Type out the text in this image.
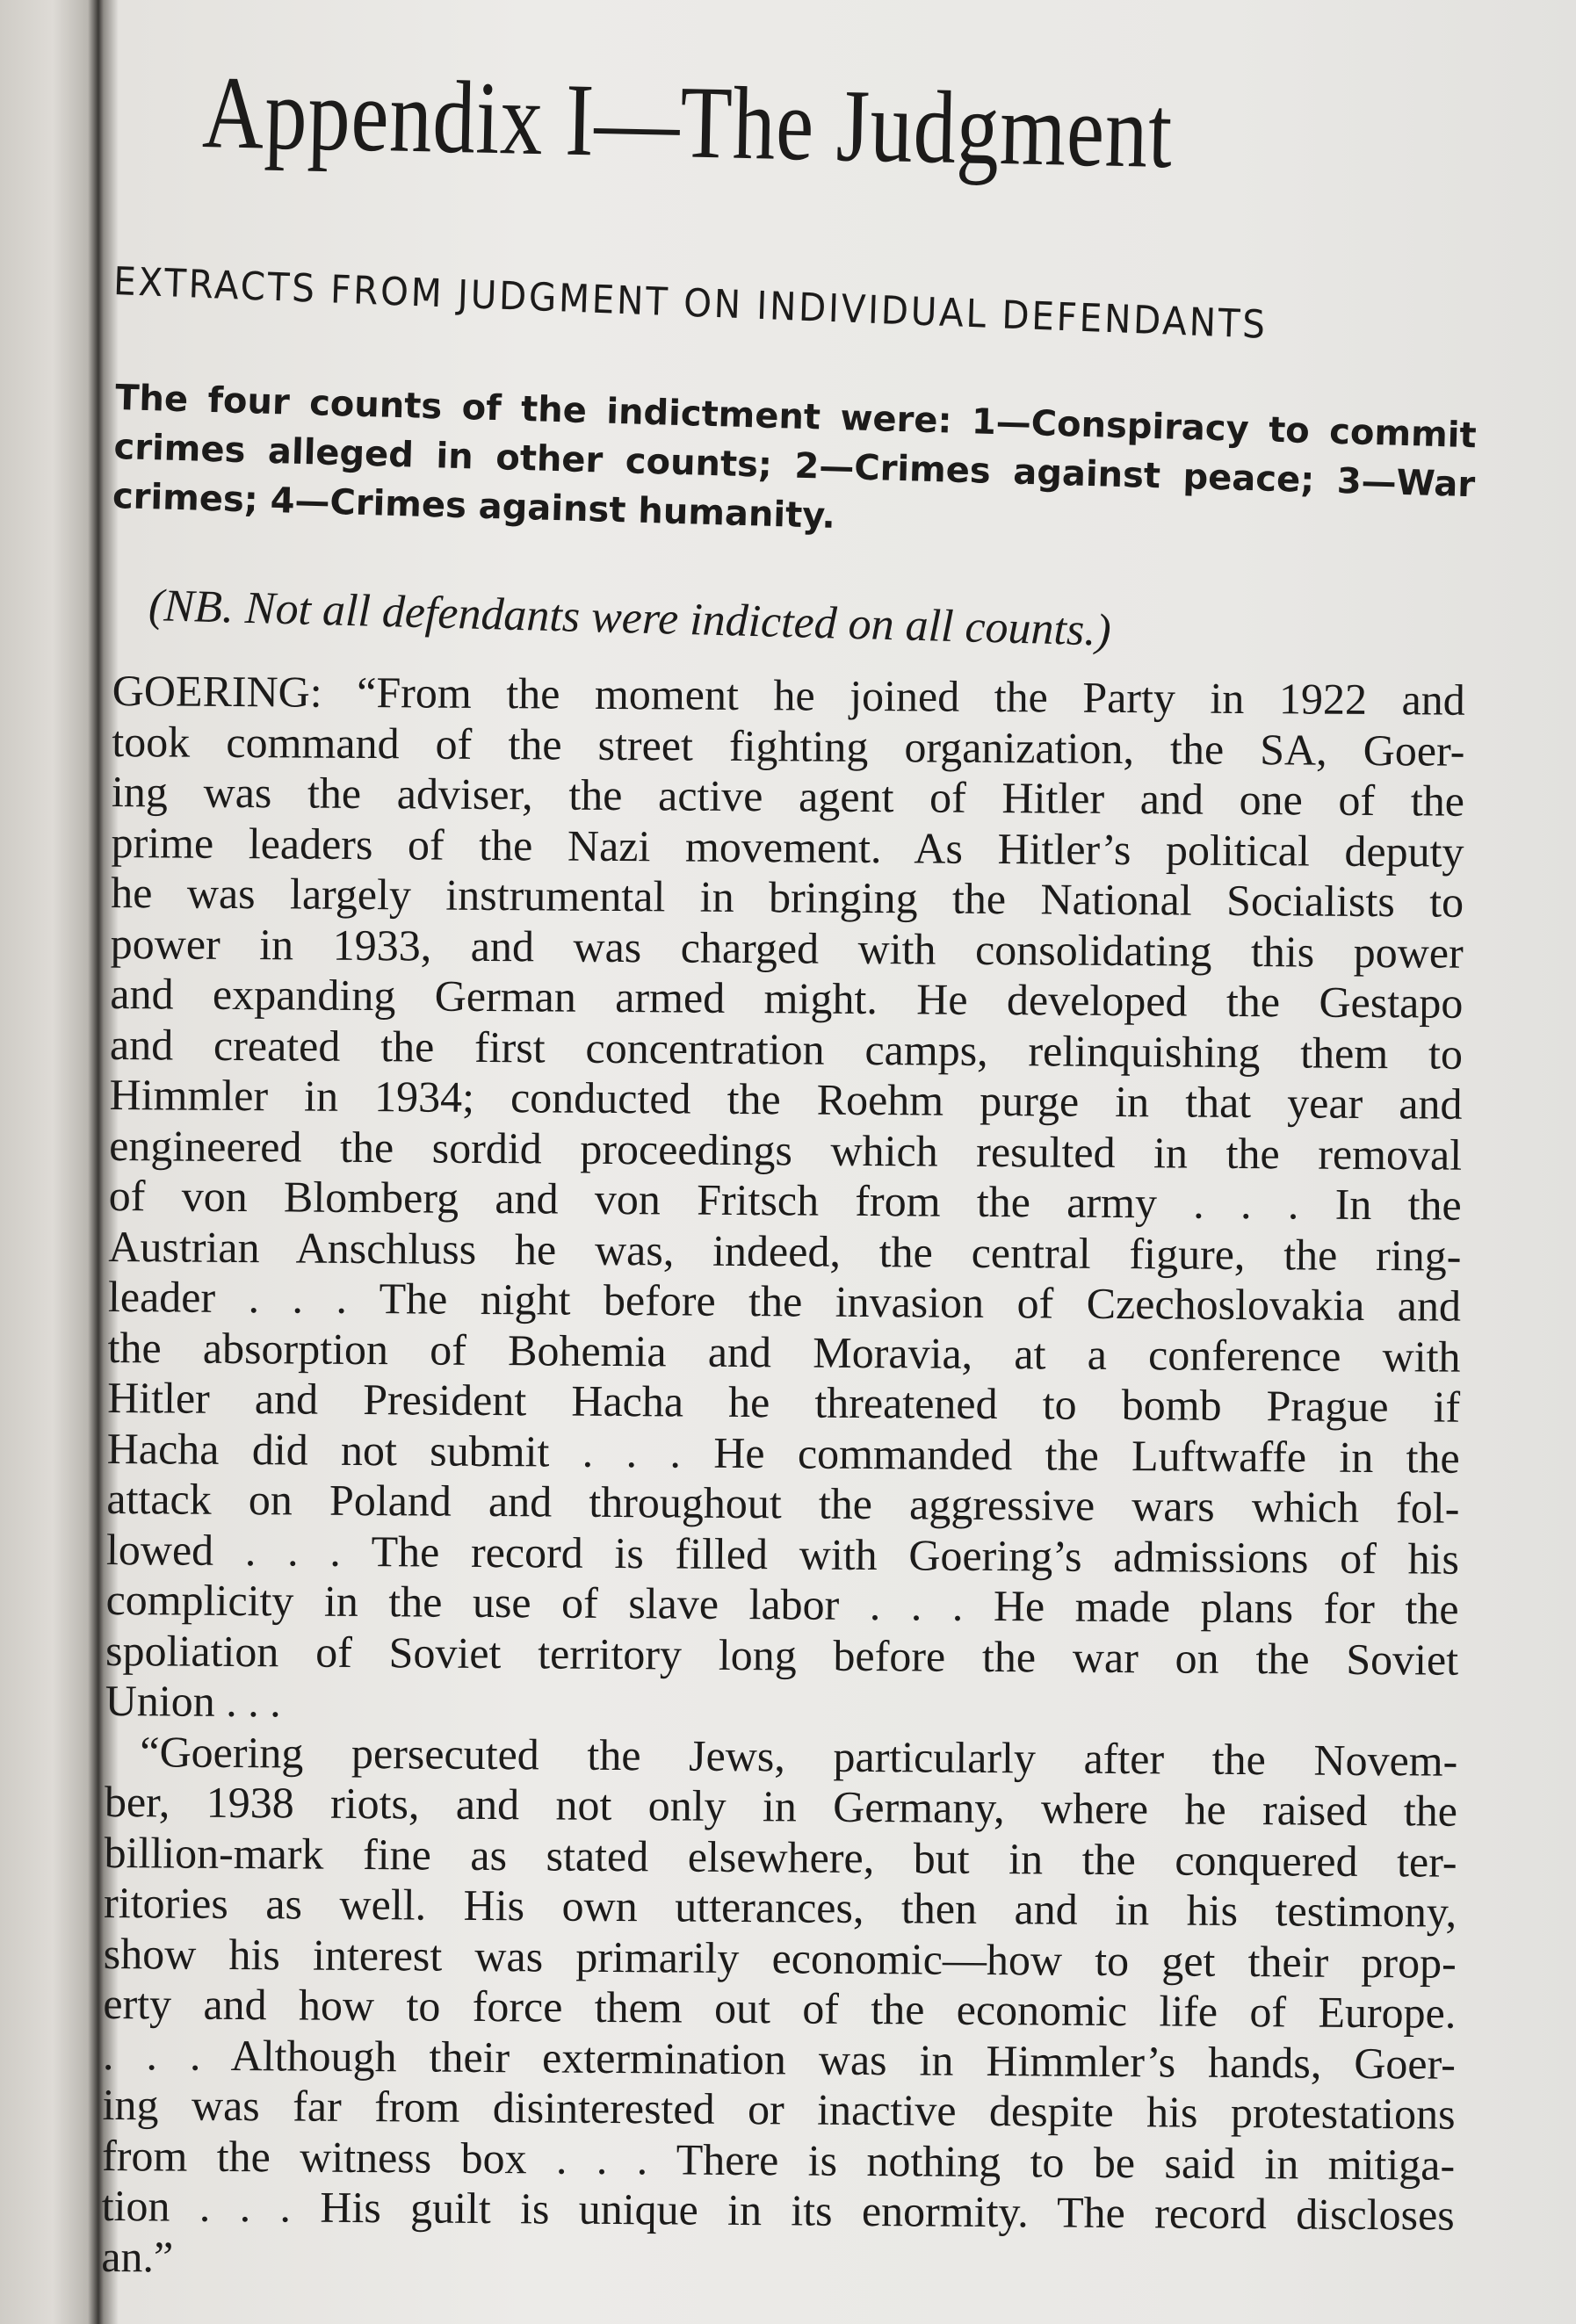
Appendix I—The Judgment
EXTRACTS FROM JUDGMENT ON INDIVIDUAL DEFENDANTS
The four counts of the indictment were: 1—Conspiracy to commit crimes alleged in other counts; 2—Crimes against peace; 3—War crimes; 4—Crimes against humanity.
(NB. Not all defendants were indicted on all counts.)
GOERING: “From the moment he joined the Party in 1922 and
took command of the street fighting organization, the SA, Goer-
ing was the adviser, the active agent of Hitler and one of the
prime leaders of the Nazi movement. As Hitler’s political deputy
he was largely instrumental in bringing the National Socialists to
power in 1933, and was charged with consolidating this power
and expanding German armed might. He developed the Gestapo
and created the first concentration camps, relinquishing them to
Himmler in 1934; conducted the Roehm purge in that year and
engineered the sordid proceedings which resulted in the removal
of von Blomberg and von Fritsch from the army . . . In the
Austrian Anschluss he was, indeed, the central figure, the ring-
leader . . . The night before the invasion of Czechoslovakia and
the absorption of Bohemia and Moravia, at a conference with
Hitler and President Hacha he threatened to bomb Prague if
Hacha did not submit . . . He commanded the Luftwaffe in the
attack on Poland and throughout the aggressive wars which fol-
lowed . . . The record is filled with Goering’s admissions of his
complicity in the use of slave labor . . . He made plans for the
spoliation of Soviet territory long before the war on the Soviet
Union . . .
“Goering persecuted the Jews, particularly after the Novem-
ber, 1938 riots, and not only in Germany, where he raised the
billion-mark fine as stated elsewhere, but in the conquered ter-
ritories as well. His own utterances, then and in his testimony,
show his interest was primarily economic—how to get their prop-
erty and how to force them out of the economic life of Europe.
. . . Although their extermination was in Himmler’s hands, Goer-
ing was far from disinterested or inactive despite his protestations
from the witness box . . . There is nothing to be said in mitiga-
tion . . . His guilt is unique in its enormity. The record discloses
an.”
